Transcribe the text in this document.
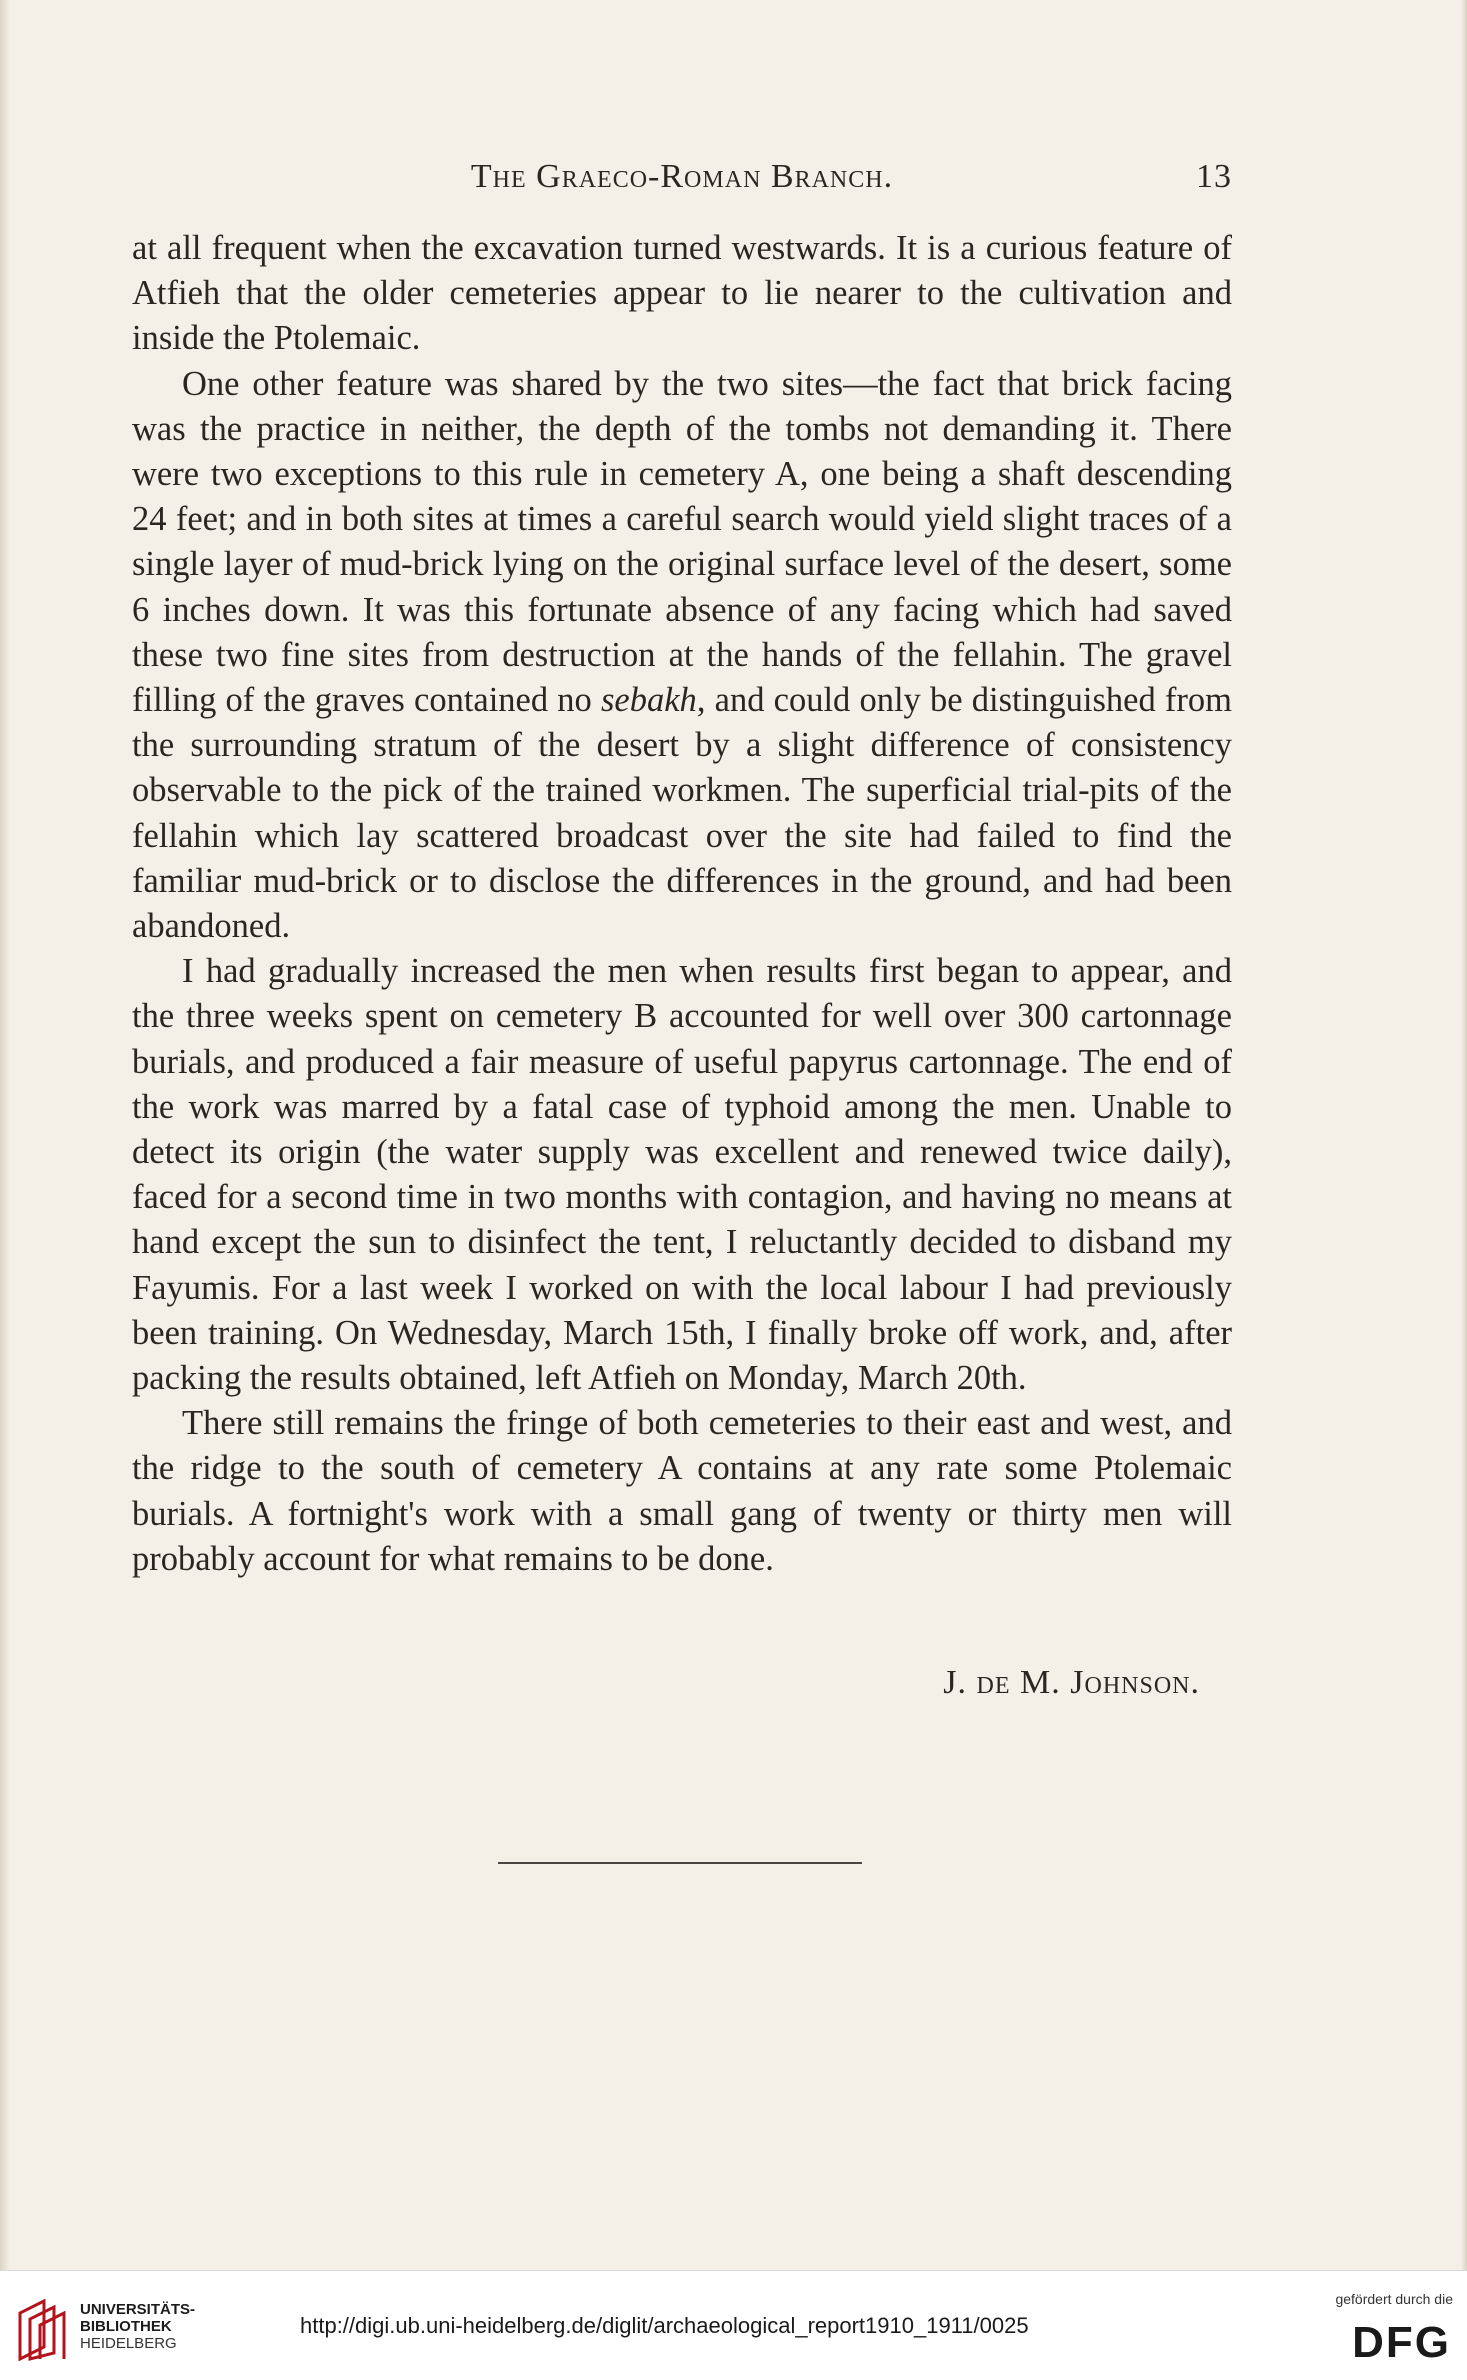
The Graeco-Roman Branch.	13

at all frequent when the excavation turned westwards. It is a curious feature of Atfieh that the older cemeteries appear to lie nearer to the cultivation and inside the Ptolemaic.

One other feature was shared by the two sites—the fact that brick facing was the practice in neither, the depth of the tombs not demanding it. There were two exceptions to this rule in cemetery A, one being a shaft descending 24 feet; and in both sites at times a careful search would yield slight traces of a single layer of mud-brick lying on the original surface level of the desert, some 6 inches down. It was this fortunate absence of any facing which had saved these two fine sites from destruction at the hands of the fellahin. The gravel filling of the graves contained no sebakh, and could only be distinguished from the surrounding stratum of the desert by a slight difference of consistency observable to the pick of the trained workmen. The superficial trial-pits of the fellahin which lay scattered broadcast over the site had failed to find the familiar mud-brick or to disclose the differences in the ground, and had been abandoned.

I had gradually increased the men when results first began to appear, and the three weeks spent on cemetery B accounted for well over 300 cartonnage burials, and produced a fair measure of useful papyrus cartonnage. The end of the work was marred by a fatal case of typhoid among the men. Unable to detect its origin (the water supply was excellent and renewed twice daily), faced for a second time in two months with contagion, and having no means at hand except the sun to disinfect the tent, I reluctantly decided to disband my Fayumis. For a last week I worked on with the local labour I had previously been training. On Wednesday, March 15th, I finally broke off work, and, after packing the results obtained, left Atfieh on Monday, March 20th.

There still remains the fringe of both cemeteries to their east and west, and the ridge to the south of cemetery A contains at any rate some Ptolemaic burials. A fortnight's work with a small gang of twenty or thirty men will probably account for what remains to be done.

J. de M. Johnson.
UNIVERSITÄTS-
BIBLIOTHEK
HEIDELBERG
http://digi.ub.uni-heidelberg.de/diglit/archaeological_report1910_1911/0025
gefördert durch die
DFG
